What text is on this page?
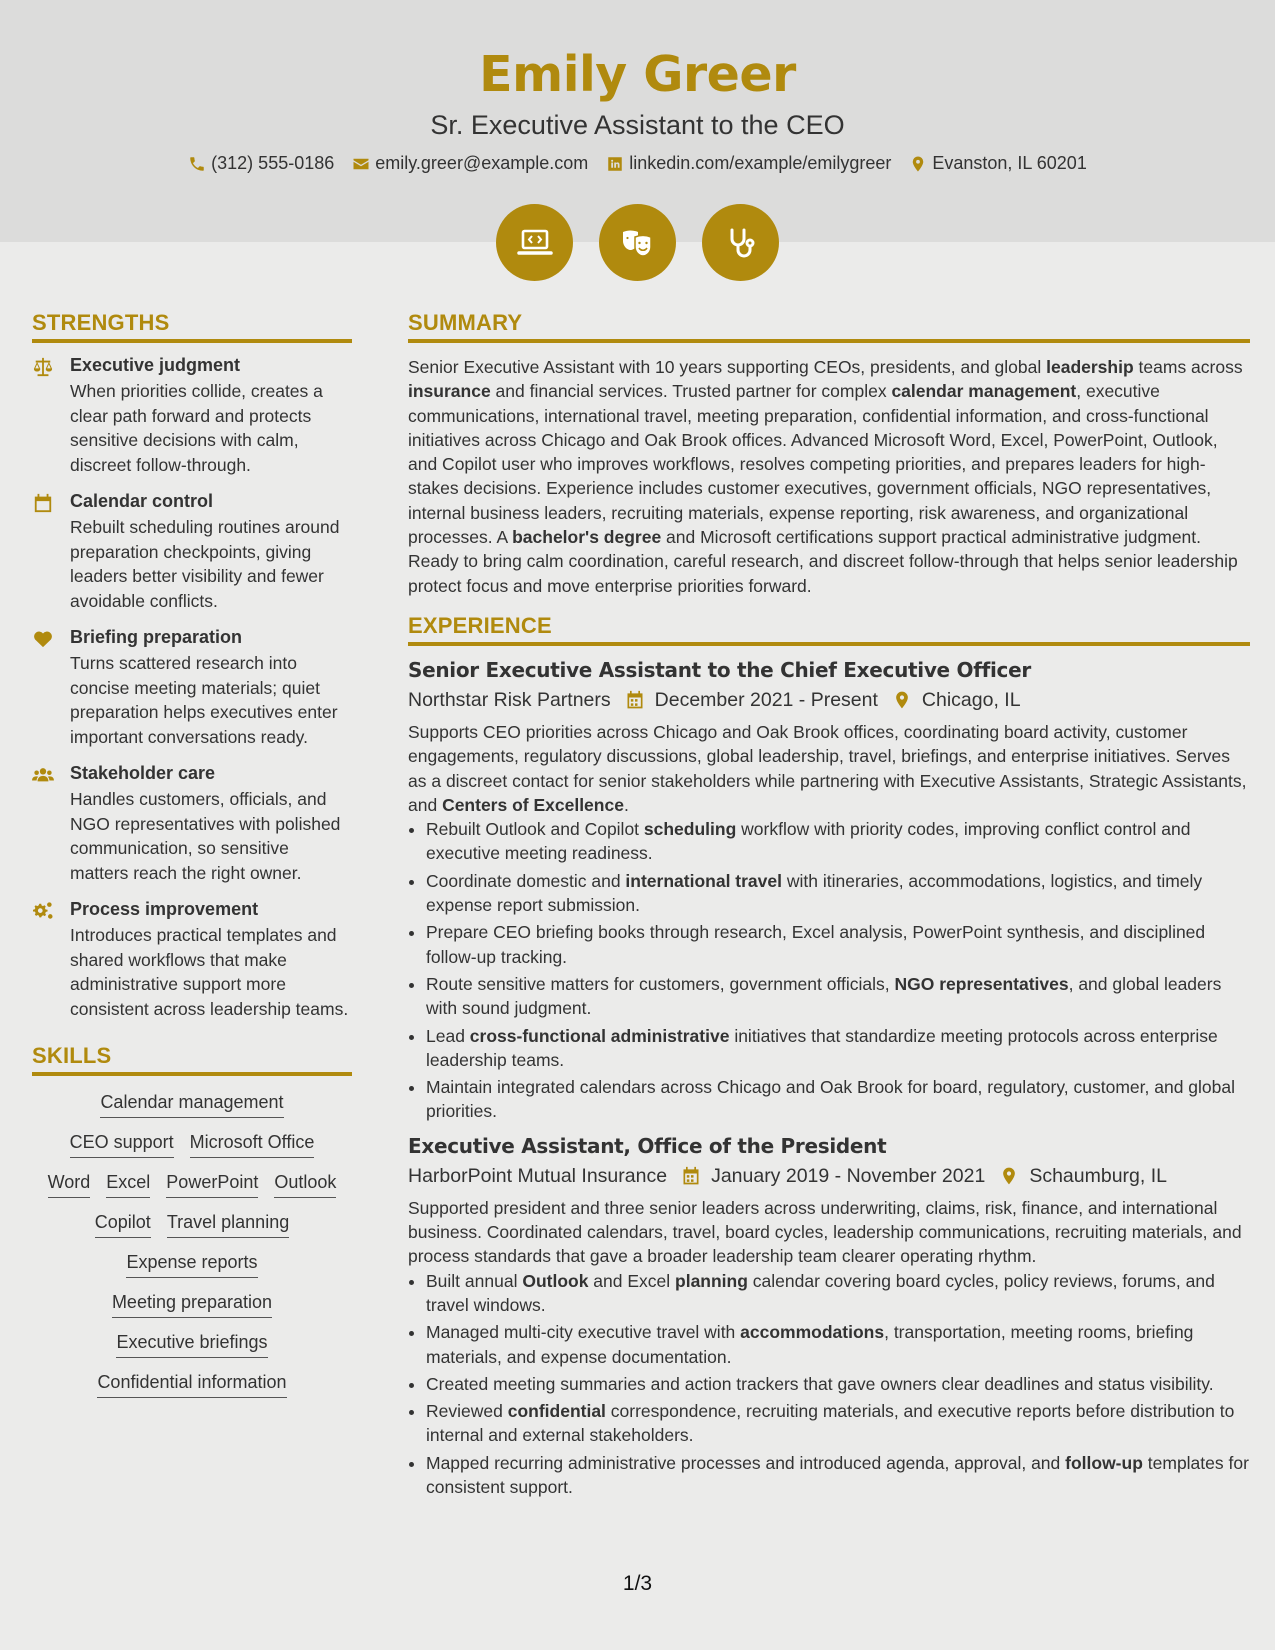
Emily Greer
Sr. Executive Assistant to the CEO
(312) 555-0186 emily.greer@example.com linkedin.com/example/emilygreer Evanston, IL 60201
STRENGTHS
Executive judgment
When priorities collide, creates a clear path forward and protects sensitive decisions with calm, discreet follow-through.
Calendar control
Rebuilt scheduling routines around preparation checkpoints, giving leaders better visibility and fewer avoidable conflicts.
Briefing preparation
Turns scattered research into concise meeting materials; quiet preparation helps executives enter important conversations ready.
Stakeholder care
Handles customers, officials, and NGO representatives with polished communication, so sensitive matters reach the right owner.
Process improvement
Introduces practical templates and shared workflows that make administrative support more consistent across leadership teams.
SKILLS
Calendar management
CEO support Microsoft Office
Word Excel PowerPoint Outlook
Copilot Travel planning
Expense reports
Meeting preparation
Executive briefings
Confidential information
SUMMARY
Senior Executive Assistant with 10 years supporting CEOs, presidents, and global leadership teams across insurance and financial services. Trusted partner for complex calendar management, executive communications, international travel, meeting preparation, confidential information, and cross-functional initiatives across Chicago and Oak Brook offices. Advanced Microsoft Word, Excel, PowerPoint, Outlook, and Copilot user who improves workflows, resolves competing priorities, and prepares leaders for high-stakes decisions. Experience includes customer executives, government officials, NGO representatives, internal business leaders, recruiting materials, expense reporting, risk awareness, and organizational processes. A bachelor's degree and Microsoft certifications support practical administrative judgment. Ready to bring calm coordination, careful research, and discreet follow-through that helps senior leadership protect focus and move enterprise priorities forward.
EXPERIENCE
Senior Executive Assistant to the Chief Executive Officer
Northstar Risk Partners December 2021 - Present Chicago, IL
Supports CEO priorities across Chicago and Oak Brook offices, coordinating board activity, customer engagements, regulatory discussions, global leadership, travel, briefings, and enterprise initiatives. Serves as a discreet contact for senior stakeholders while partnering with Executive Assistants, Strategic Assistants, and Centers of Excellence.
• Rebuilt Outlook and Copilot scheduling workflow with priority codes, improving conflict control and executive meeting readiness.
• Coordinate domestic and international travel with itineraries, accommodations, logistics, and timely expense report submission.
• Prepare CEO briefing books through research, Excel analysis, PowerPoint synthesis, and disciplined follow-up tracking.
• Route sensitive matters for customers, government officials, NGO representatives, and global leaders with sound judgment.
• Lead cross-functional administrative initiatives that standardize meeting protocols across enterprise leadership teams.
• Maintain integrated calendars across Chicago and Oak Brook for board, regulatory, customer, and global priorities.
Executive Assistant, Office of the President
HarborPoint Mutual Insurance January 2019 - November 2021 Schaumburg, IL
Supported president and three senior leaders across underwriting, claims, risk, finance, and international business. Coordinated calendars, travel, board cycles, leadership communications, recruiting materials, and process standards that gave a broader leadership team clearer operating rhythm.
• Built annual Outlook and Excel planning calendar covering board cycles, policy reviews, forums, and travel windows.
• Managed multi-city executive travel with accommodations, transportation, meeting rooms, briefing materials, and expense documentation.
• Created meeting summaries and action trackers that gave owners clear deadlines and status visibility.
• Reviewed confidential correspondence, recruiting materials, and executive reports before distribution to internal and external stakeholders.
• Mapped recurring administrative processes and introduced agenda, approval, and follow-up templates for consistent support.
1/3
